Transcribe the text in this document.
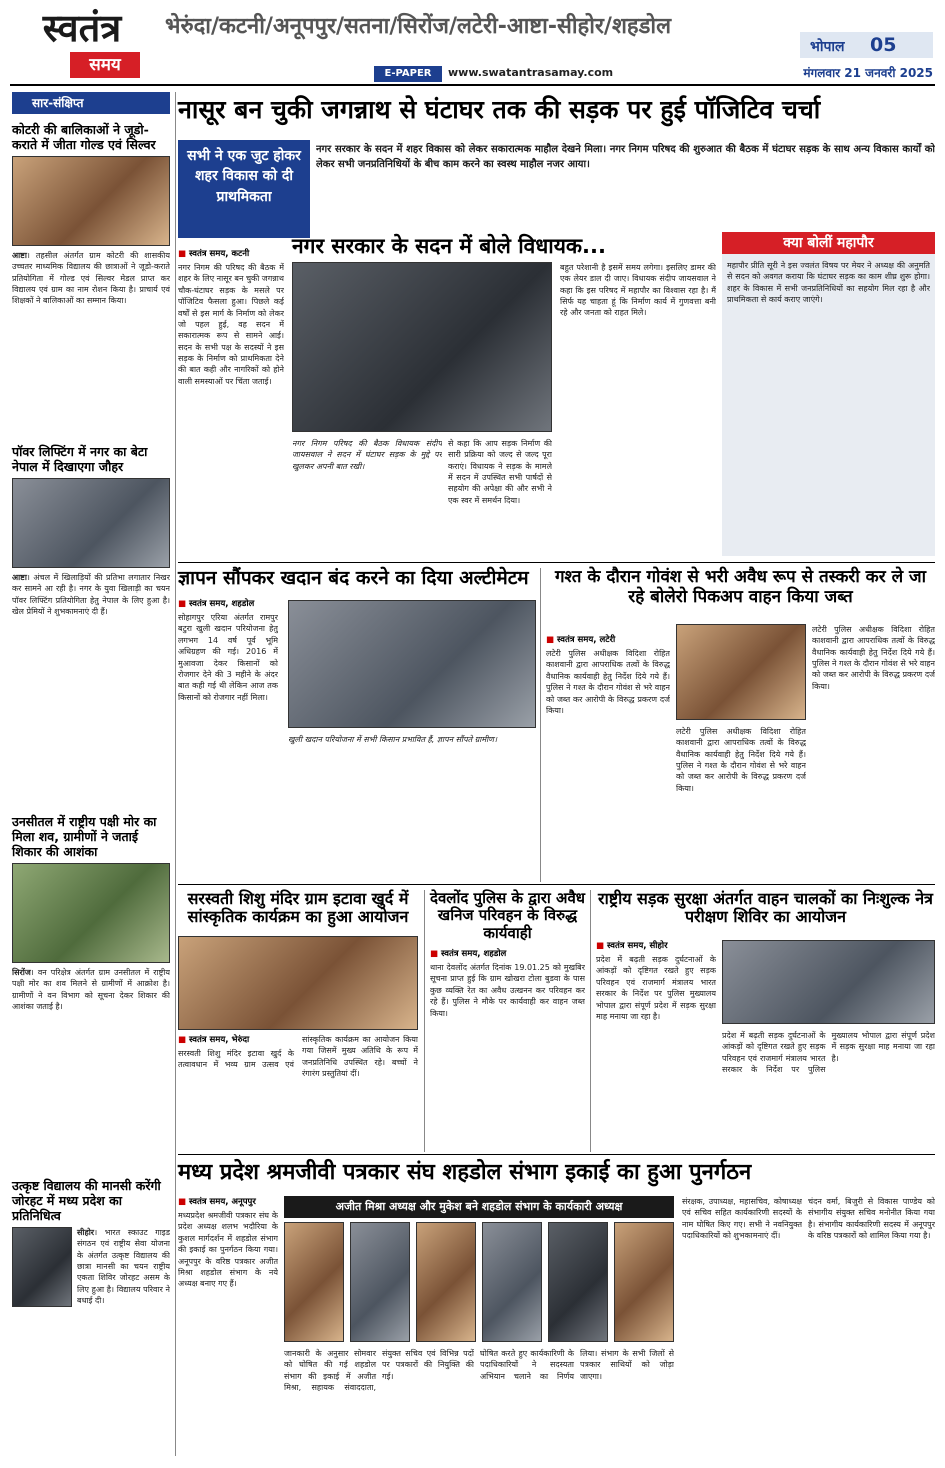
स्वतंत्र
समय
भेरुंदा/कटनी/अनूपपुर/सतना/सिरोंज/लटेरी-आष्टा-सीहोर/शहडोल
भोपाल 05
E-PAPER	www.swatantrasamay.com	मंगलवार 21 जनवरी 2025
सार-संक्षिप्त
कोटरी की बालिकाओं ने जूडो-कराते में जीता गोल्ड एवं सिल्वर
आष्टा। तहसील अंतर्गत ग्राम कोटरी की शासकीय उच्चतर माध्यमिक विद्यालय की छात्राओं ने जूडो-कराते प्रतियोगिता में गोल्ड एवं सिल्वर मेडल प्राप्त कर विद्यालय एवं ग्राम का नाम रोशन किया है। प्राचार्य एवं शिक्षकों ने बालिकाओं का सम्मान किया।
पॉवर लिफ्टिंग में नगर का बेटा नेपाल में दिखाएगा जौहर
आष्टा। अंचल में खिलाड़ियों की प्रतिभा लगातार निखर कर सामने आ रही है। नगर के युवा खिलाड़ी का चयन पॉवर लिफ्टिंग प्रतियोगिता हेतु नेपाल के लिए हुआ है। खेल प्रेमियों ने शुभकामनाएं दी हैं।
उनसीतल में राष्ट्रीय पक्षी मोर का मिला शव, ग्रामीणों ने जताई शिकार की आशंका
सिरोंज। वन परिक्षेत्र अंतर्गत ग्राम उनसीतल में राष्ट्रीय पक्षी मोर का शव मिलने से ग्रामीणों में आक्रोश है। ग्रामीणों ने वन विभाग को सूचना देकर शिकार की आशंका जताई है।
उत्कृष्ट विद्यालय की मानसी करेंगी जोरहट में मध्य प्रदेश का प्रतिनिधित्व
सीहोर। भारत स्काउट गाइड संगठन एवं राष्ट्रीय सेवा योजना के अंतर्गत उत्कृष्ट विद्यालय की छात्रा मानसी का चयन राष्ट्रीय एकता शिविर जोरहट असम के लिए हुआ है। विद्यालय परिवार ने बधाई दी।
नासूर बन चुकी जगन्नाथ से घंटाघर तक की सड़क पर हुई पॉजिटिव चर्चा
सभी ने एक जुट होकर शहर विकास को दी प्राथमिकता
नगर सरकार के सदन में शहर विकास को लेकर सकारात्मक माहौल देखने मिला। नगर निगम परिषद की शुरुआत की बैठक में घंटाघर सड़क के साथ अन्य विकास कार्यों को लेकर सभी जनप्रतिनिधियों के बीच काम करने का स्वस्थ माहौल नजर आया।
■ स्वतंत्र समय, कटनी
नगर निगम की परिषद की बैठक में शहर के लिए नासूर बन चुकी जगन्नाथ चौक-घंटाघर सड़क के मसले पर पॉजिटिव फैसला हुआ। पिछले कई वर्षों से इस मार्ग के निर्माण को लेकर जो पहल हुई, वह सदन में सकारात्मक रूप से सामने आई। सदन के सभी पक्ष के सदस्यों ने इस सड़क के निर्माण को प्राथमिकता देने की बात कही और नागरिकों को होने वाली समस्याओं पर चिंता जताई।
नगर सरकार के सदन में बोले विधायक...
नगर निगम परिषद की बैठक विधायक संदीप जायसवाल ने सदन में घंटाघर सड़क के मुद्दे पर खुलकर अपनी बात रखी।
से कहा कि आप सड़क निर्माण की सारी प्रक्रिया को जल्द से जल्द पूरा कराएं। विधायक ने सड़क के मामले में सदन में उपस्थित सभी पार्षदों से सहयोग की अपेक्षा की और सभी ने एक स्वर में समर्थन दिया।
बहुत परेशानी है इसमें समय लगेगा। इसलिए डामर की एक लेयर डाल दी जाए। विधायक संदीप जायसवाल ने कहा कि इस परिषद में महापौर का विश्वास रहा है। मैं सिर्फ यह चाहता हूं कि निर्माण कार्य में गुणवत्ता बनी रहे और जनता को राहत मिले।
क्या बोलीं महापौर
महापौर प्रीति सूरी ने इस ज्वलंत विषय पर मेयर ने अध्यक्ष की अनुमति से सदन को अवगत कराया कि घंटाघर सड़क का काम शीघ्र शुरू होगा। शहर के विकास में सभी जनप्रतिनिधियों का सहयोग मिल रहा है और प्राथमिकता से कार्य कराए जाएंगे।
ज्ञापन सौंपकर खदान बंद करने का दिया अल्टीमेटम
■ स्वतंत्र समय, शहडोल
सोहागपुर एरिया अंतर्गत रामपुर बटुरा खुली खदान परियोजना हेतु लगभग 14 वर्ष पूर्व भूमि अधिग्रहण की गई। 2016 में मुआवजा देकर किसानों को रोजगार देने की 3 महीने के अंदर बात कही गई थी लेकिन आज तक किसानों को रोजगार नहीं मिला।
खुली खदान परियोजना में सभी किसान प्रभावित हैं, ज्ञापन सौंपते ग्रामीण।
गश्त के दौरान गोवंश से भरी अवैध रूप से तस्करी कर ले जा रहे बोलेरो पिकअप वाहन किया जब्त
■ स्वतंत्र समय, लटेरी
लटेरी पुलिस अधीक्षक विदिशा रोहित काशवानी द्वारा आपराधिक तत्वों के विरुद्ध वैधानिक कार्यवाही हेतु निर्देश दिये गये हैं। पुलिस ने गश्त के दौरान गोवंश से भरे वाहन को जब्त कर आरोपी के विरुद्ध प्रकरण दर्ज किया।
लटेरी पुलिस अधीक्षक विदिशा रोहित काशवानी द्वारा आपराधिक तत्वों के विरुद्ध वैधानिक कार्यवाही हेतु निर्देश दिये गये हैं। पुलिस ने गश्त के दौरान गोवंश से भरे वाहन को जब्त कर आरोपी के विरुद्ध प्रकरण दर्ज किया।
लटेरी पुलिस अधीक्षक विदिशा रोहित काशवानी द्वारा आपराधिक तत्वों के विरुद्ध वैधानिक कार्यवाही हेतु निर्देश दिये गये हैं। पुलिस ने गश्त के दौरान गोवंश से भरे वाहन को जब्त कर आरोपी के विरुद्ध प्रकरण दर्ज किया।
सरस्वती शिशु मंदिर ग्राम इटावा खुर्द में सांस्कृतिक कार्यक्रम का हुआ आयोजन
■ स्वतंत्र समय, भेरुंदा
सरस्वती शिशु मंदिर इटावा खुर्द के तत्वावधान में भव्य ग्राम उत्सव एवं सांस्कृतिक कार्यक्रम का आयोजन किया गया जिसमें मुख्य अतिथि के रूप में जनप्रतिनिधि उपस्थित रहे। बच्चों ने रंगारंग प्रस्तुतियां दीं।
देवलोंद पुलिस के द्वारा अवैध खनिज परिवहन के विरुद्ध कार्यवाही
■ स्वतंत्र समय, शहडोल
थाना देवलोंद अंतर्गत दिनांक 19.01.25 को मुखबिर सूचना प्राप्त हुई कि ग्राम खोखरा टोला बुडवा के पास कुछ व्यक्ति रेत का अवैध उत्खनन कर परिवहन कर रहे हैं। पुलिस ने मौके पर कार्यवाही कर वाहन जब्त किया।
राष्ट्रीय सड़क सुरक्षा अंतर्गत वाहन चालकों का निःशुल्क नेत्र परीक्षण शिविर का आयोजन
■ स्वतंत्र समय, सीहोर
प्रदेश में बढ़ती सड़क दुर्घटनाओं के आंकड़ों को दृष्टिगत रखते हुए सड़क परिवहन एवं राजमार्ग मंत्रालय भारत सरकार के निर्देश पर पुलिस मुख्यालय भोपाल द्वारा संपूर्ण प्रदेश में सड़क सुरक्षा माह मनाया जा रहा है।
प्रदेश में बढ़ती सड़क दुर्घटनाओं के आंकड़ों को दृष्टिगत रखते हुए सड़क परिवहन एवं राजमार्ग मंत्रालय भारत सरकार के निर्देश पर पुलिस मुख्यालय भोपाल द्वारा संपूर्ण प्रदेश में सड़क सुरक्षा माह मनाया जा रहा है।
मध्य प्रदेश श्रमजीवी पत्रकार संघ शहडोल संभाग इकाई का हुआ पुनर्गठन
■ स्वतंत्र समय, अनूपपुर
मध्यप्रदेश श्रमजीवी पत्रकार संघ के प्रदेश अध्यक्ष शलभ भदौरिया के कुशल मार्गदर्शन में शहडोल संभाग की इकाई का पुनर्गठन किया गया। अनूपपुर के वरिष्ठ पत्रकार अजीत मिश्रा शहडोल संभाग के नये अध्यक्ष बनाए गए हैं।
अजीत मिश्रा अध्यक्ष और मुकेश बने शहडोल संभाग के कार्यकारी अध्यक्ष
जानकारी के अनुसार सोमवार को घोषित की गई शहडोल संभाग की इकाई में अजीत मिश्रा, सहायक संवाददाता, संयुक्त सचिव एवं विभिन्न पदों पर पत्रकारों की नियुक्ति की गई।
घोषित करते हुए कार्यकारिणी के पदाधिकारियों ने सदस्यता अभियान चलाने का निर्णय लिया। संभाग के सभी जिलों से पत्रकार साथियों को जोड़ा जाएगा।
संरक्षक, उपाध्यक्ष, महासचिव, कोषाध्यक्ष एवं सचिव सहित कार्यकारिणी सदस्यों के नाम घोषित किए गए। सभी ने नवनियुक्त पदाधिकारियों को शुभकामनाएं दीं।
चंदन वर्मा, बिजुरी से विकास पाण्डेय को संभागीय संयुक्त सचिव मनोनीत किया गया है। संभागीय कार्यकारिणी सदस्य में अनूपपुर के वरिष्ठ पत्रकारों को शामिल किया गया है।
